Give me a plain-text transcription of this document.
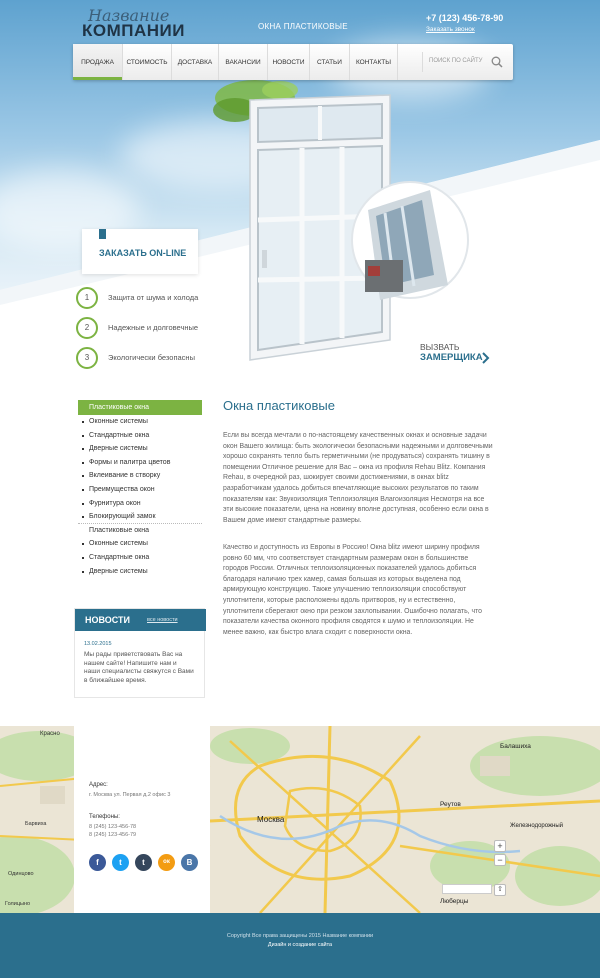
Название
КОМПАНИИ	ОКНА ПЛАСТИКОВЫЕ
+7 (123) 456-78-90
Заказать звонок
ПРОДАЖА	СТОИМОСТЬ	ДОСТАВКА	ВАКАНСИИ	НОВОСТИ	СТАТЬИ	КОНТАКТЫ	ПОИСК ПО САЙТУ
ЗАКАЗАТЬ ON-LINE
1	Защита от шума и холода
2	Надежные и долговечные
3	Экологически безопасны
ВЫЗВАТЬ
ЗАМЕРЩИКА
Пластиковые окна
Оконные системы
Стандартные окна
Дверные системы
Формы и палитра цветов
Вклеивание в створку
Преимущества окон
Фурнитура окон
Блокирующий замок
Пластиковые окна
Оконные системы
Стандартные окна
Дверные системы
НОВОСТИ	все новости
13.02.2015
Мы рады приветствовать Вас на нашем сайте! Напишите нам и наши специалисты свяжутся с Вами в ближайшее время.
Окна пластиковые
Если вы всегда мечтали о по-настоящему качественных окнах и основные задачи окон Вашего жилища: быть экологически безопасными надежными и долговечными хорошо сохранять тепло быть герметичными (не продуваться) сохранять тишину в помещении Отличное решение для Вас – окна из профиля Rehau Blitz. Компания Rehau, в очередной раз, шокирует своими достижениями, в окнах blitz разработчикам удалось добиться впечатляющие высоких результатов по таким показателям как: Звукоизоляция Теплоизоляция Влагоизоляция Несмотря на все эти высокие показатели, цена на новинку вполне доступная, особенно если окна в Вашем доме имеют стандартные размеры.
Качество и доступность из Европы в Россию! Окна blitz имеют ширину профиля ровно 60 мм, что соответствует стандартным размерам окон в большинстве городов России. Отличных теплоизоляционных показателей удалось добиться благодаря наличию трех камер, самая большая из которых выделена под армирующую конструкцию. Также улучшению теплоизоляции способствуют уплотнители, которые расположены вдоль притворов, ну и естественно, уплотнители сберегают окно при резком захлопывании. Ошибочно полагать, что показатели качества оконного профиля сводятся к шумо и теплоизоляции. Не менее важно, как быстро влага сходит с поверхности окна.
Красно
Балашиха
Реутов
Москва
Железнодорожный
Люберцы
Барвиха
Одинцово
Голицыно
+
−
⇧
Адрес:
г. Москва ул. Первая д.2 офис 3
Телефоны:
8 (245) 123-456-78
8 (245) 123-456-79
f	t	t	ок	В
Copyright Все права защищены 2015 Название компании
Дизайн и создание сайта
